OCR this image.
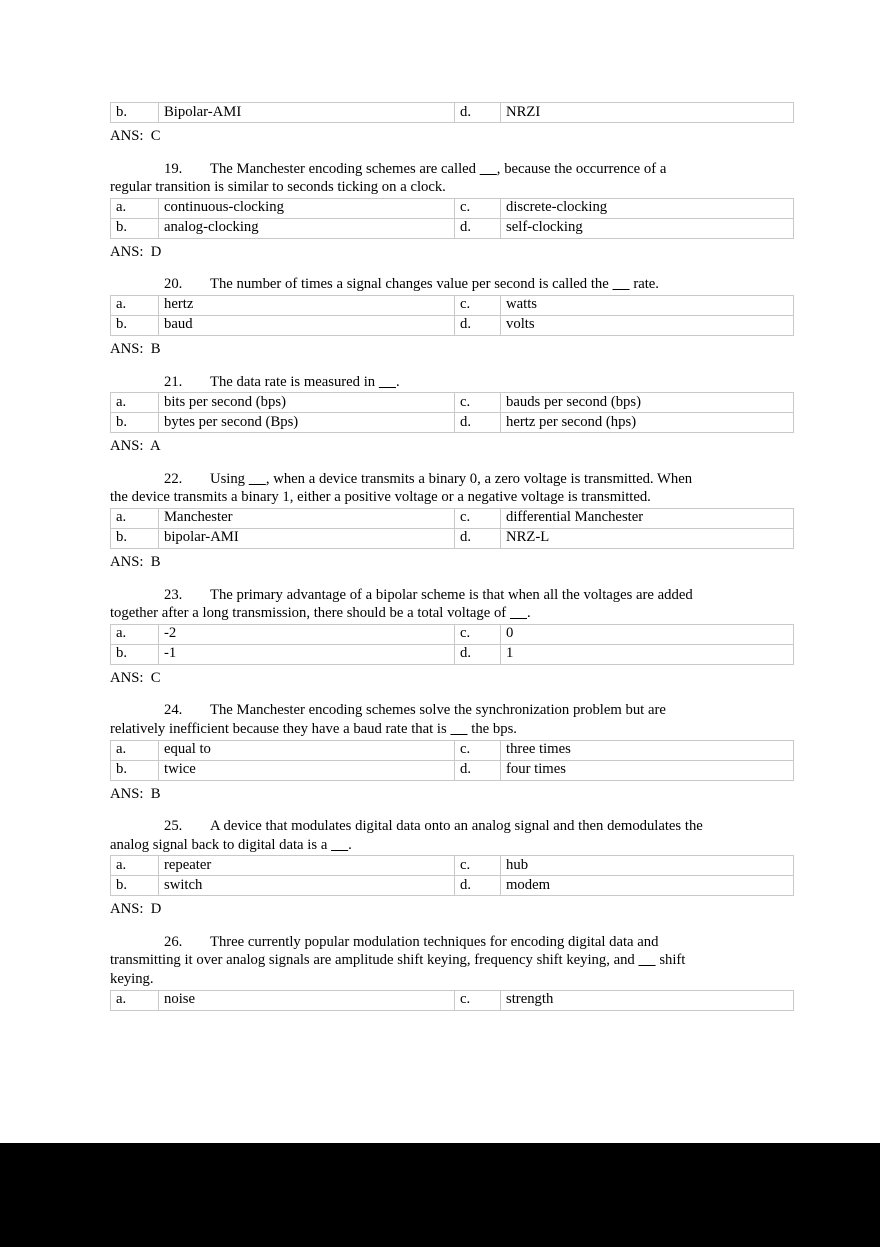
b.	Bipolar-AMI	d.	NRZI
ANS:  C

19. The Manchester encoding schemes are called     , because the occurrence of a
regular transition is similar to seconds ticking on a clock.

a.	continuous-clocking	c.	discrete-clocking
b.	analog-clocking	d.	self-clocking
ANS:  D

20. The number of times a signal changes value per second is called the      rate.

a.	hertz	c.	watts
b.	baud	d.	volts
ANS:  B

21. The data rate is measured in     .

a.	bits per second (bps)	c.	bauds per second (bps)
b.	bytes per second (Bps)	d.	hertz per second (hps)
ANS:  A

22. Using     , when a device transmits a binary 0, a zero voltage is transmitted. When
the device transmits a binary 1, either a positive voltage or a negative voltage is transmitted.

a.	Manchester	c.	differential Manchester
b.	bipolar-AMI	d.	NRZ-L
ANS:  B

23. The primary advantage of a bipolar scheme is that when all the voltages are added
together after a long transmission, there should be a total voltage of     .

a.	-2	c.	0
b.	-1	d.	1
ANS:  C

24. The Manchester encoding schemes solve the synchronization problem but are
relatively inefficient because they have a baud rate that is      the bps.

a.	equal to	c.	three times
b.	twice	d.	four times
ANS:  B

25. A device that modulates digital data onto an analog signal and then demodulates the
analog signal back to digital data is a     .

a.	repeater	c.	hub
b.	switch	d.	modem
ANS:  D

26. Three currently popular modulation techniques for encoding digital data and
transmitting it over analog signals are amplitude shift keying, frequency shift keying, and      shift
keying.

a.	noise	c.	strength
